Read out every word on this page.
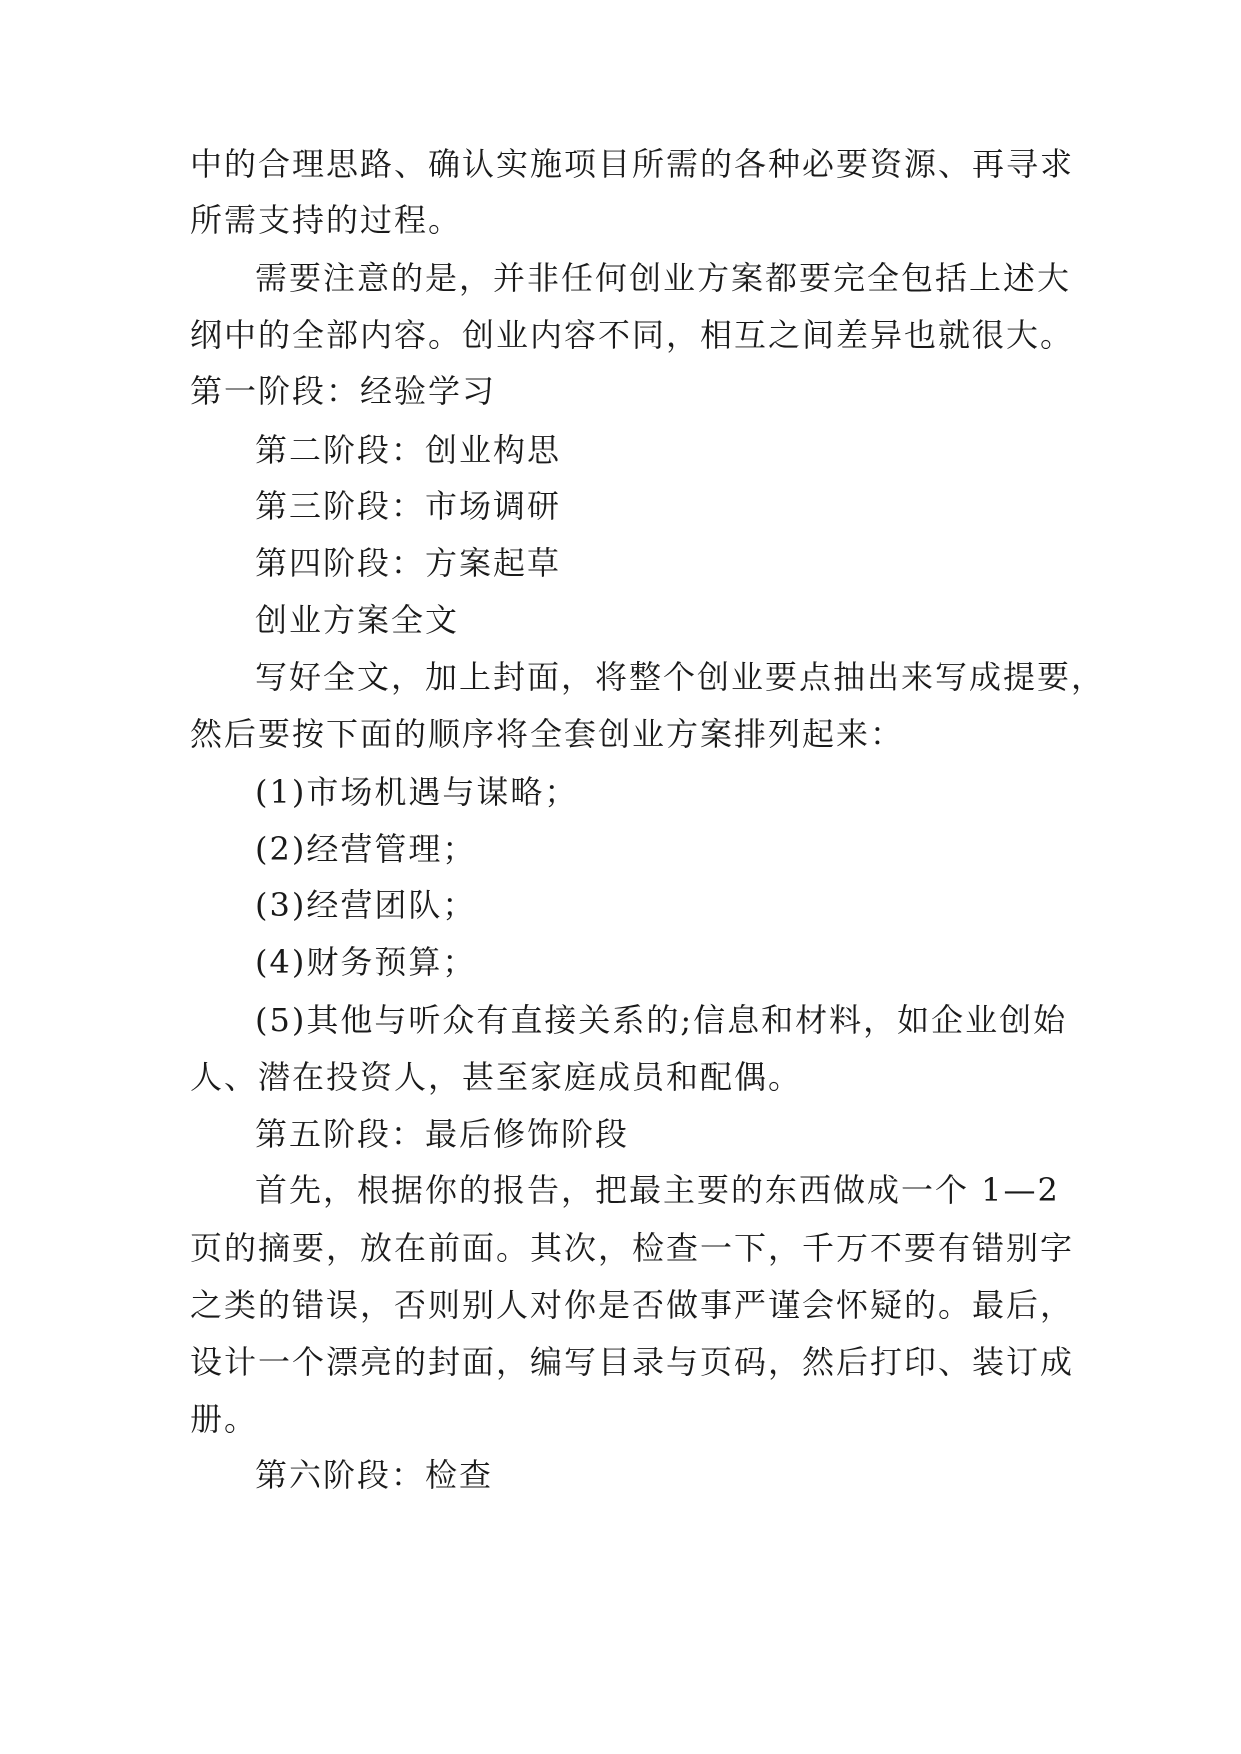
中的合理思路、确认实施项目所需的各种必要资源、再寻求
所需支持的过程。
需要注意的是，并非任何创业方案都要完全包括上述大
纲中的全部内容。创业内容不同，相互之间差异也就很大。
第一阶段：经验学习
第二阶段：创业构思
第三阶段：市场调研
第四阶段：方案起草
创业方案全文
写好全文，加上封面，将整个创业要点抽出来写成提要，
然后要按下面的顺序将全套创业方案排列起来：
(1)市场机遇与谋略；
(2)经营管理；
(3)经营团队；
(4)财务预算；
(5)其他与听众有直接关系的;信息和材料，如企业创始
人、潜在投资人，甚至家庭成员和配偶。
第五阶段：最后修饰阶段
首先，根据你的报告，把最主要的东西做成一个 1—2
页的摘要，放在前面。其次，检查一下，千万不要有错别字
之类的错误，否则别人对你是否做事严谨会怀疑的。最后，
设计一个漂亮的封面，编写目录与页码，然后打印、装订成
册。
第六阶段：检查
